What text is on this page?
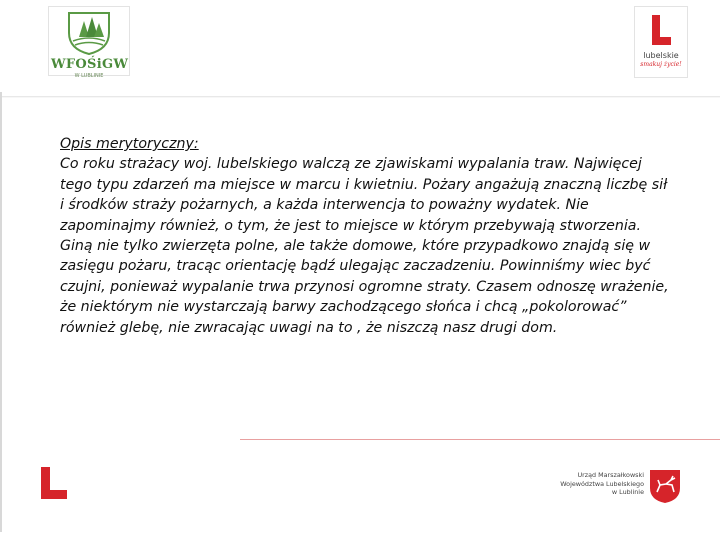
WFOŚiGW
W LUBLINIE
lubelskie
smakuj życie!
Opis merytoryczny:
Co roku strażacy woj. lubelskiego walczą ze zjawiskami wypalania traw. Najwięcej tego typu zdarzeń ma miejsce w marcu i kwietniu. Pożary angażują znaczną liczbę sił i środków straży pożarnych, a każda interwencja to poważny wydatek. Nie zapominajmy również, o tym, że jest to miejsce w którym przebywają stworzenia. Giną nie tylko zwierzęta polne, ale także domowe, które przypadkowo znajdą się w zasięgu pożaru, tracąc orientację bądź ulegając zaczadzeniu. Powinniśmy wiec być czujni, ponieważ wypalanie trwa przynosi ogromne straty. Czasem odnoszę wrażenie, że niektórym nie wystarczają barwy zachodzącego słońca i chcą „pokolorować” również glebę, nie zwracając uwagi na to , że niszczą nasz drugi dom.
Urząd Marszałkowski
Województwa Lubelskiego
w Lublinie
